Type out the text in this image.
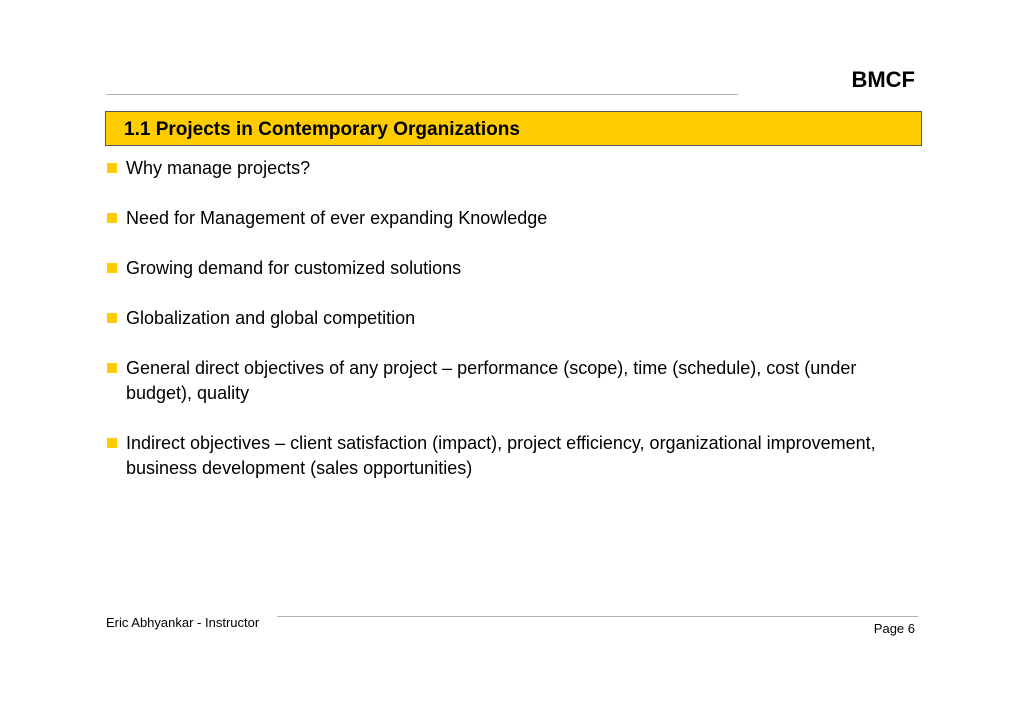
BMCF
1.1 Projects in Contemporary Organizations
Why manage projects?
Need for Management of ever expanding Knowledge
Growing demand for customized solutions
Globalization and global competition
General direct objectives of any project – performance (scope), time (schedule), cost (under budget), quality
Indirect objectives – client satisfaction (impact), project efficiency, organizational improvement, business development (sales opportunities)
Eric Abhyankar - Instructor	Page 6
